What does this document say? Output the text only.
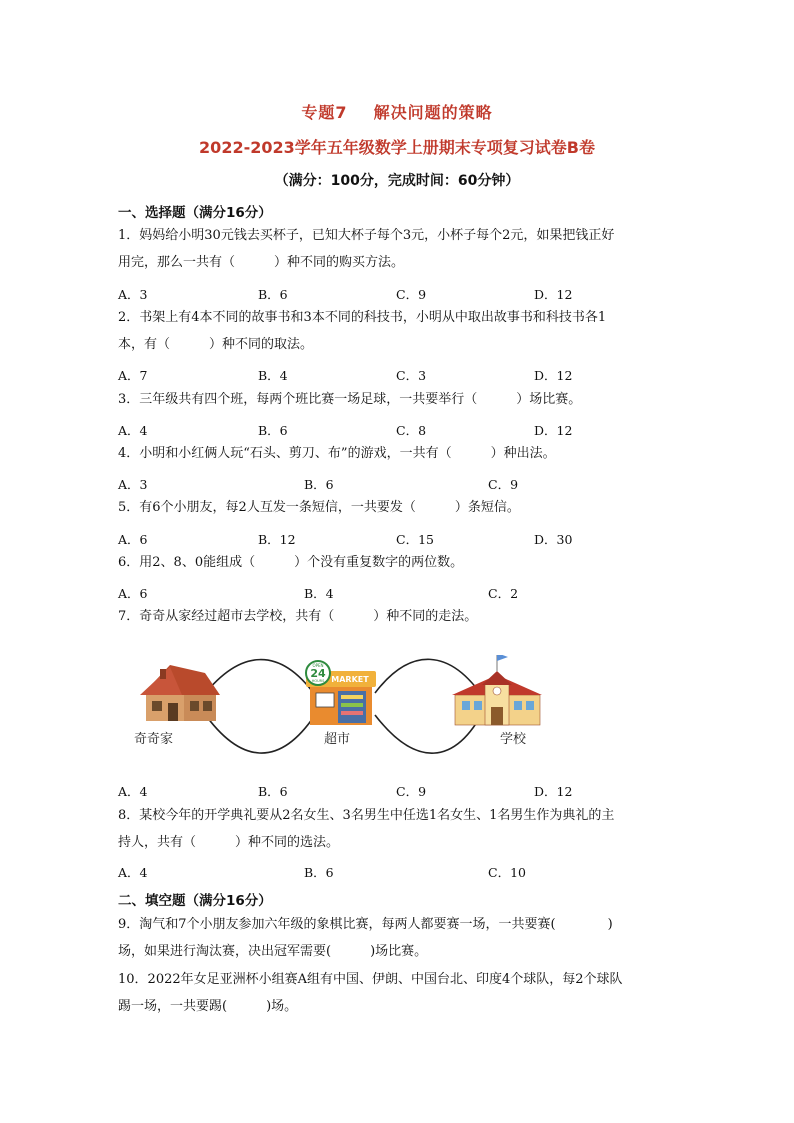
专题7 解决问题的策略
2022-2023学年五年级数学上册期末专项复习试卷B卷
（满分：100分，完成时间：60分钟）
一、选择题（满分16分）
1．妈妈给小明30元钱去买杯子，已知大杯子每个3元，小杯子每个2元，如果把钱正好
用完，那么一共有（　　　）种不同的购买方法。
A．3	B．6	C．9	D．12
2．书架上有4本不同的故事书和3本不同的科技书，小明从中取出故事书和科技书各1
本，有（　　　）种不同的取法。
A．7	B．4	C．3	D．12
3．三年级共有四个班，每两个班比赛一场足球，一共要举行（　　　）场比赛。
A．4	B．6	C．8	D．12
4．小明和小红俩人玩“石头、剪刀、布”的游戏，一共有（　　　）种出法。
A．3	B．6	C．9
5．有6个小朋友，每2人互发一条短信，一共要发（　　　）条短信。
A．6	B．12	C．15	D．30
6．用2、8、0能组成（　　　）个没有重复数字的两位数。
A．6	B．4	C．2
7．奇奇从家经过超市去学校，共有（　　　）种不同的走法。
OPEN
24
HOURS MARKET
奇奇家	超市	学校
A．4	B．6	C．9	D．12
8．某校今年的开学典礼要从2名女生、3名男生中任选1名女生、1名男生作为典礼的主
持人，共有（　　　）种不同的选法。
A．4	B．6	C．10
二、填空题（满分16分）
9．淘气和7个小朋友参加六年级的象棋比赛，每两人都要赛一场，一共要赛(　　　　)
场，如果进行淘汰赛，决出冠军需要(　　　)场比赛。
10．2022年女足亚洲杯小组赛A组有中国、伊朗、中国台北、印度4个球队，每2个球队
踢一场，一共要踢(　　　)场。
